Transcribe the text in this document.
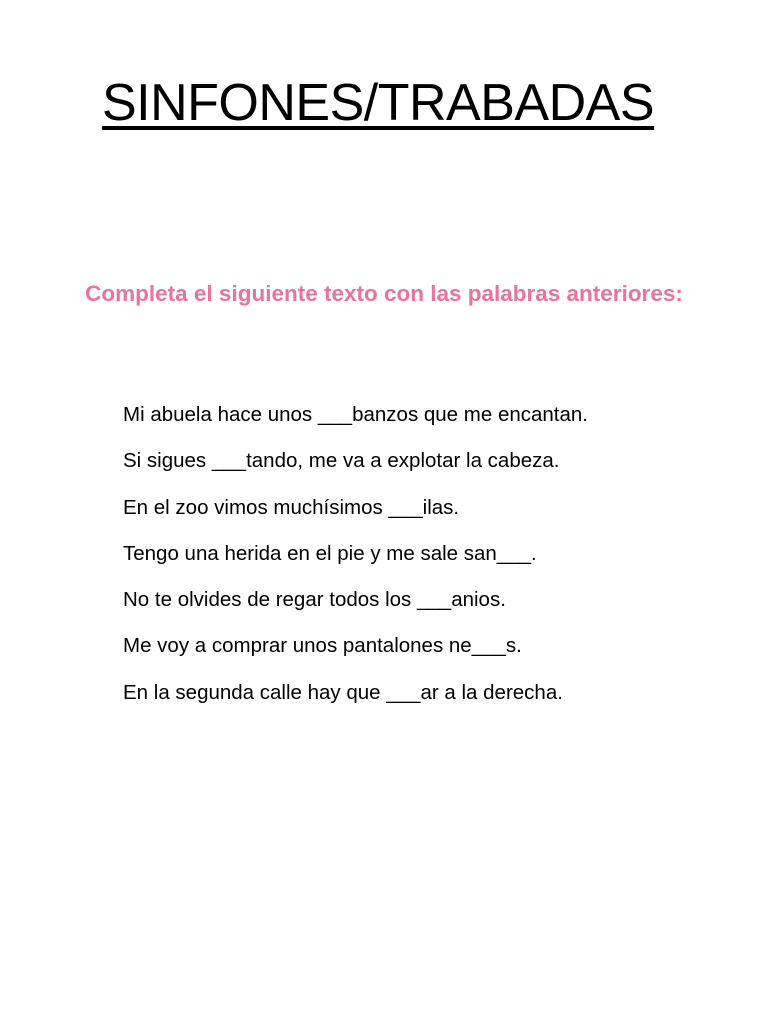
SINFONES/TRABADAS

Completa el siguiente texto con las palabras anteriores:

Mi abuela hace unos ___banzos que me encantan.
Si sigues ___tando, me va a explotar la cabeza.
En el zoo vimos muchísimos ___ilas.
Tengo una herida en el pie y me sale san___.
No te olvides de regar todos los ___anios.
Me voy a comprar unos pantalones ne___s.
En la segunda calle hay que ___ar a la derecha.
